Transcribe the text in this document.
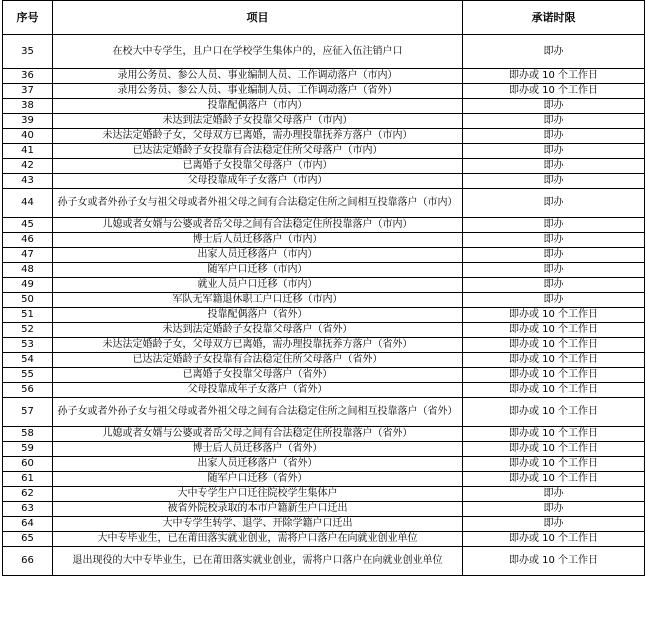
序号	项目	承诺时限
35	在校大中专学生，且户口在学校学生集体户的，应征入伍注销户口	即办
36	录用公务员、参公人员、事业编制人员、工作调动落户（市内）	即办或 10 个工作日
37	录用公务员、参公人员、事业编制人员、工作调动落户（省外）	即办或 10 个工作日
38	投靠配偶落户（市内）	即办
39	未达到法定婚龄子女投靠父母落户（市内）	即办
40	未达法定婚龄子女，父母双方已离婚，需办理投靠抚养方落户（市内）	即办
41	已达法定婚龄子女投靠有合法稳定住所父母落户（市内）	即办
42	已离婚子女投靠父母落户（市内）	即办
43	父母投靠成年子女落户（市内）	即办
44	孙子女或者外孙子女与祖父母或者外祖父母之间有合法稳定住所之间相互投靠落户（市内）	即办
45	儿媳或者女婿与公婆或者岳父母之间有合法稳定住所投靠落户（市内）	即办
46	博士后人员迁移落户（市内）	即办
47	出家人员迁移落户（市内）	即办
48	随军户口迁移（市内）	即办
49	就业人员户口迁移（市内）	即办
50	军队无军籍退休职工户口迁移（市内）	即办
51	投靠配偶落户（省外）	即办或 10 个工作日
52	未达到法定婚龄子女投靠父母落户（省外）	即办或 10 个工作日
53	未达法定婚龄子女，父母双方已离婚，需办理投靠抚养方落户（省外）	即办或 10 个工作日
54	已达法定婚龄子女投靠有合法稳定住所父母落户（省外）	即办或 10 个工作日
55	已离婚子女投靠父母落户（省外）	即办或 10 个工作日
56	父母投靠成年子女落户（省外）	即办或 10 个工作日
57	孙子女或者外孙子女与祖父母或者外祖父母之间有合法稳定住所之间相互投靠落户（省外）	即办或 10 个工作日
58	儿媳或者女婿与公婆或者岳父母之间有合法稳定住所投靠落户（省外）	即办或 10 个工作日
59	博士后人员迁移落户（省外）	即办或 10 个工作日
60	出家人员迁移落户（省外）	即办或 10 个工作日
61	随军户口迁移（省外）	即办或 10 个工作日
62	大中专学生户口迁往院校学生集体户	即办
63	被省外院校录取的本市户籍新生户口迁出	即办
64	大中专学生转学、退学、开除学籍户口迁出	即办
65	大中专毕业生，已在莆田落实就业创业，需将户口落户在向就业创业单位	即办或 10 个工作日
66	退出现役的大中专毕业生，已在莆田落实就业创业，需将户口落户在向就业创业单位	即办或 10 个工作日
